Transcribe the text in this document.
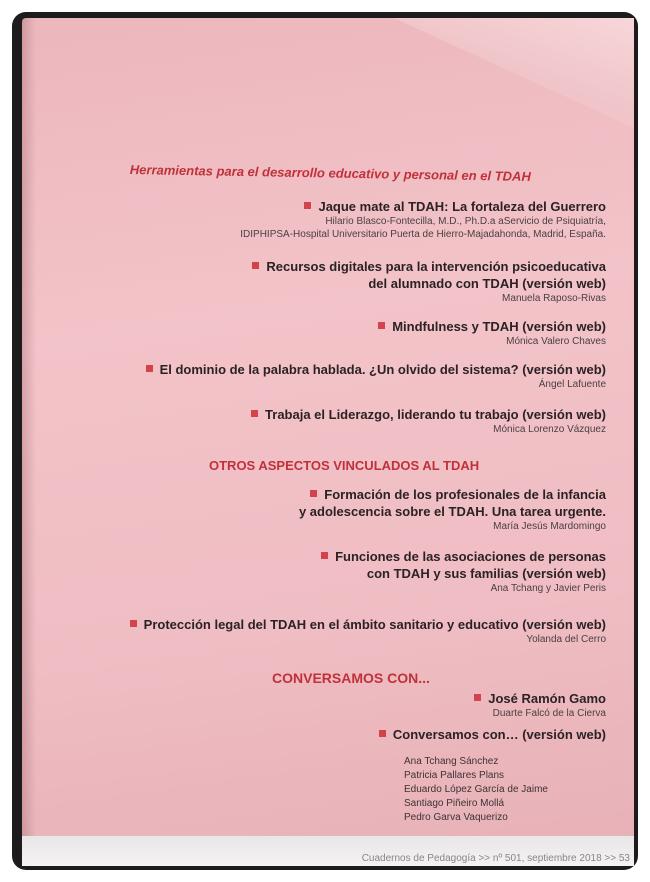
Herramientas para el desarrollo educativo y personal en el TDAH
Jaque mate al TDAH: La fortaleza del Guerrero
Hilario Blasco-Fontecilla, M.D., Ph.D.a aServicio de Psiquiatría,
IDIPHIPSA-Hospital Universitario Puerta de Hierro-Majadahonda, Madrid, España.
Recursos digitales para la intervención psicoeducativa
del alumnado con TDAH (versión web)
Manuela Raposo-Rivas
Mindfulness y TDAH (versión web)
Mónica Valero Chaves
El dominio de la palabra hablada. ¿Un olvido del sistema? (versión web)
Ángel Lafuente
Trabaja el Liderazgo, liderando tu trabajo (versión web)
Mónica Lorenzo Vázquez
OTROS ASPECTOS VINCULADOS AL TDAH
Formación de los profesionales de la infancia
y adolescencia sobre el TDAH. Una tarea urgente.
María Jesús Mardomingo
Funciones de las asociaciones de personas
con TDAH y sus familias (versión web)
Ana Tchang y Javier Peris
Protección legal del TDAH en el ámbito sanitario y educativo (versión web)
Yolanda del Cerro
CONVERSAMOS CON...
José Ramón Gamo
Duarte Falcó de la Cierva
Conversamos con… (versión web)
Ana Tchang Sánchez
Patricia Pallares Plans
Eduardo López García de Jaime
Santiago Piñeiro Mollá
Pedro Garva Vaquerizo
Cuadernos de Pedagogía >> nº 501, septiembre 2018 >> 53
